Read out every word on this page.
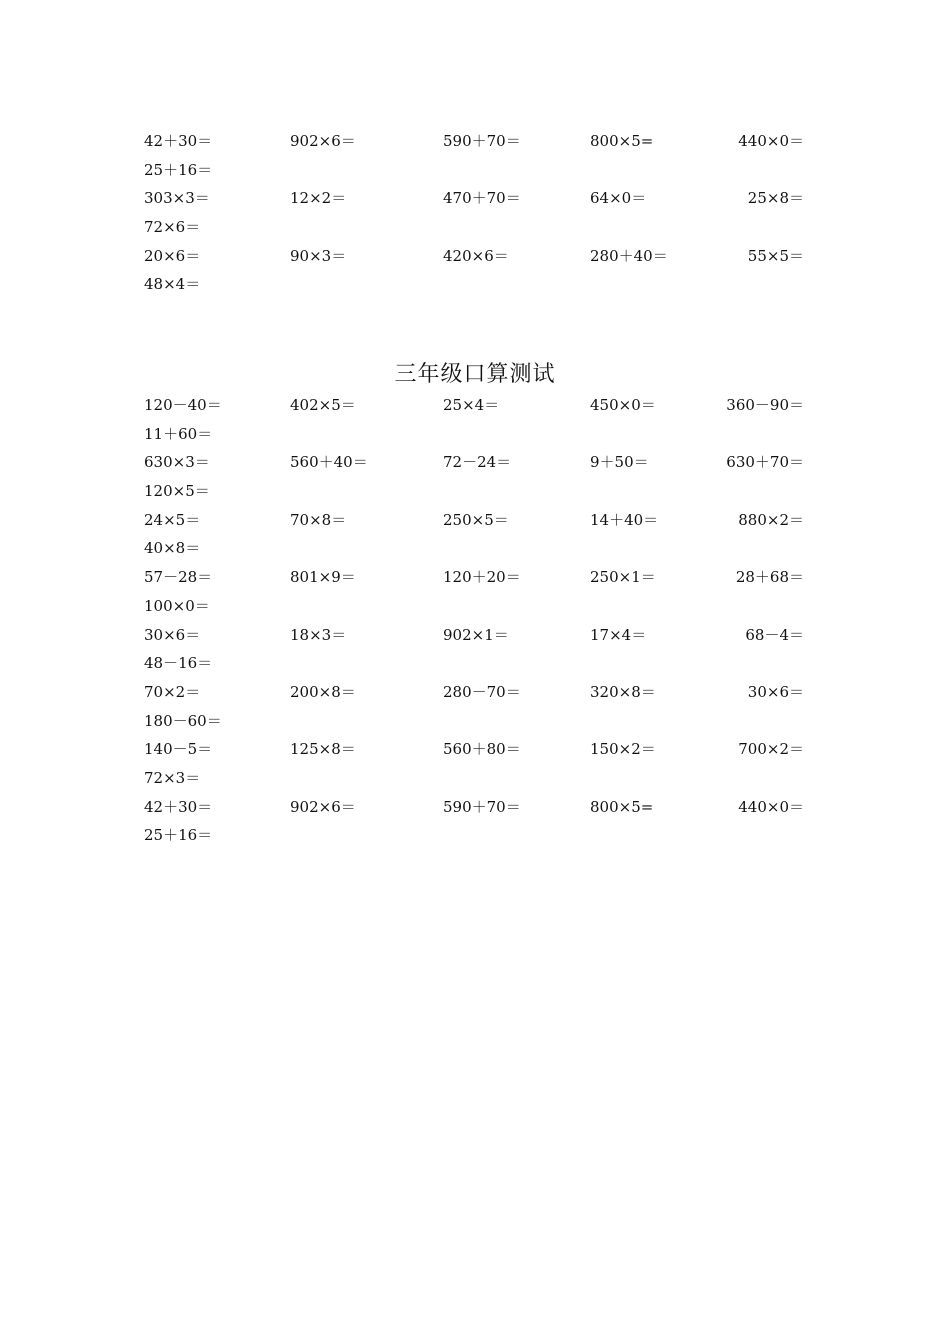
42＋30＝	902×6＝	590＋70＝	800×5=	440×0＝
25＋16＝
303×3＝	12×2＝	470＋70＝	64×0＝	25×8＝
72×6＝
20×6＝	90×3＝	420×6＝	280＋40＝	55×5＝
48×4＝
三年级口算测试
120－40＝	402×5＝	25×4＝	450×0＝	360－90＝
11＋60＝
630×3＝	560＋40＝	72－24＝	9＋50＝	630＋70＝
120×5＝
24×5＝	70×8＝	250×5＝	14＋40＝	880×2＝
40×8＝
57－28＝	801×9＝	120＋20＝	250×1＝	28＋68＝
100×0＝
30×6＝	18×3＝	902×1＝	17×4＝	68－4＝
48－16＝
70×2＝	200×8＝	280－70＝	320×8＝	30×6＝
180－60＝
140－5＝	125×8＝	560＋80＝	150×2＝	700×2＝
72×3＝
42＋30＝	902×6＝	590＋70＝	800×5=	440×0＝
25＋16＝
